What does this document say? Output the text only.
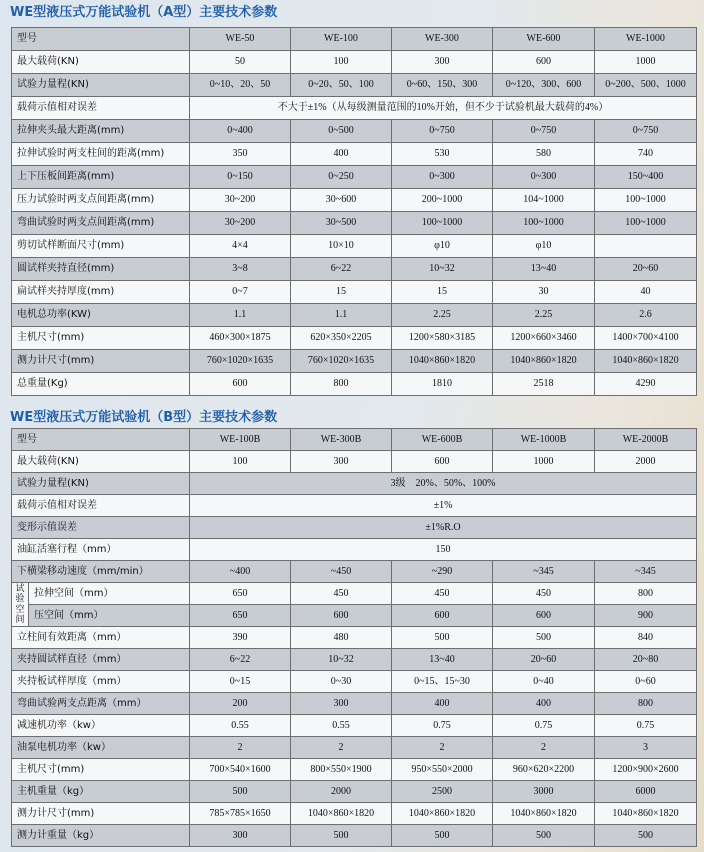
WE型液压式万能试验机（A型）主要技术参数
型号	WE-50	WE-100	WE-300	WE-600	WE-1000
最大载荷(KN)	50	100	300	600	1000
试验力量程(KN)	0~10、20、50	0~20、50、100	0~60、150、300	0~120、300、600	0~200、500、1000
载荷示值相对误差	不大于±1%（从每级测量范围的10%开始，但不少于试验机最大载荷的4%）				
拉伸夹头最大距离(mm)	0~400	0~500	0~750	0~750	0~750
拉伸试验时两支柱间的距离(mm)	350	400	530	580	740
上下压板间距离(mm)	0~150	0~250	0~300	0~300	150~400
压力试验时两支点间距离(mm)	30~200	30~600	200~1000	104~1000	100~1000
弯曲试验时两支点间距离(mm)	30~200	30~500	100~1000	100~1000	100~1000
剪切试样断面尺寸(mm)	4×4	10×10	φ10	φ10	
圆试样夹持直径(mm)	3~8	6~22	10~32	13~40	20~60
扁试样夹持厚度(mm)	0~7	15	15	30	40
电机总功率(KW)	1.1	1.1	2.25	2.25	2.6
主机尺寸(mm)	460×300×1875	620×350×2205	1200×580×3185	1200×660×3460	1400×700×4100
测力计尺寸(mm)	760×1020×1635	760×1020×1635	1040×860×1820	1040×860×1820	1040×860×1820
总重量(Kg)	600	800	1810	2518	4290
WE型液压式万能试验机（B型）主要技术参数
型号		WE-100B	WE-300B	WE-600B	WE-1000B	WE-2000B
最大载荷(KN)		100	300	600	1000	2000
试验力量程(KN)		3级　20%、50%、100%				
载荷示值相对误差		±1%				
变形示值误差		±1%R.O				
油缸活塞行程（mm）		150				
下横梁移动速度（mm/min）		~400	~450	~290	~345	~345
试验空间	拉伸空间（mm）	650	450	450	450	800
	压空间（mm）	650	600	600	600	900
立柱间有效距离（mm）		390	480	500	500	840
夹持圆试样直径（mm）		6~22	10~32	13~40	20~60	20~80
夹持板试样厚度（mm）		0~15	0~30	0~15、15~30	0~40	0~60
弯曲试验两支点距离（mm）		200	300	400	400	800
减速机功率（kw）		0.55	0.55	0.75	0.75	0.75
油泵电机功率（kw）		2	2	2	2	3
主机尺寸(mm)		700×540×1600	800×550×1900	950×550×2000	960×620×2200	1200×900×2600
主机重量（kg）		500	2000	2500	3000	6000
测力计尺寸(mm)		785×785×1650	1040×860×1820	1040×860×1820	1040×860×1820	1040×860×1820
测力计重量（kg）		300	500	500	500	500
